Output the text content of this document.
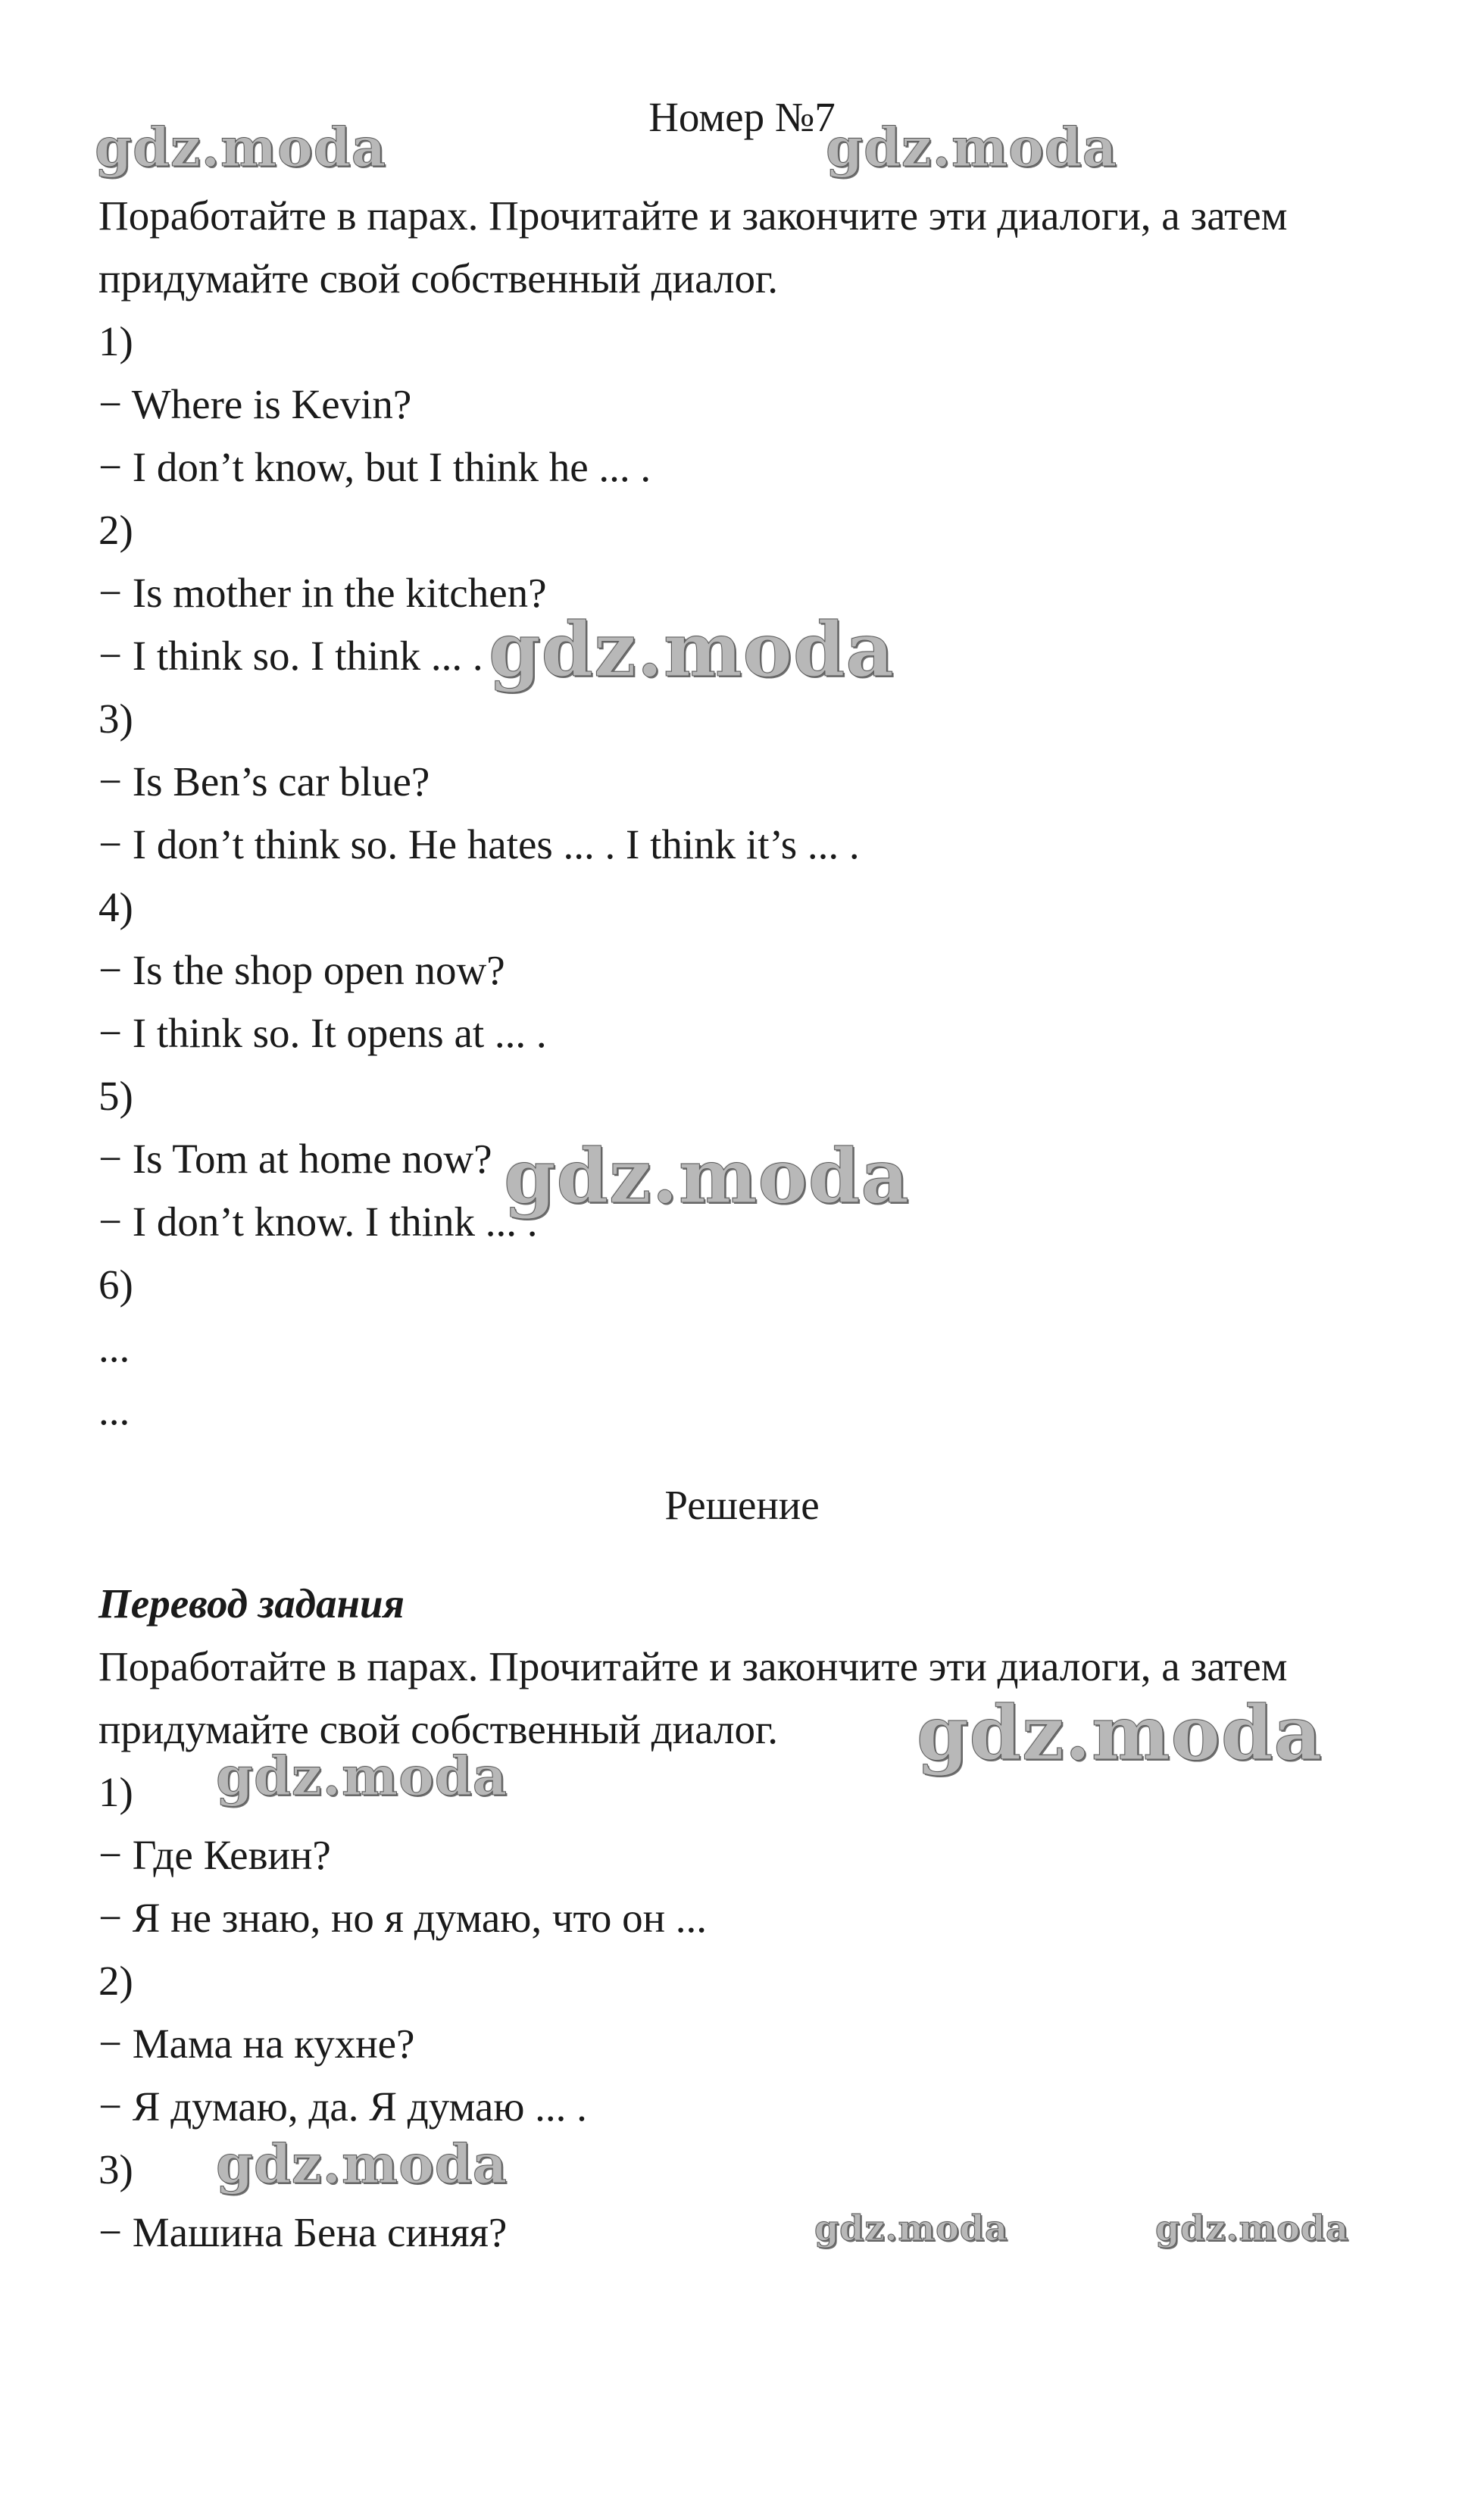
Номер №7
Поработайте в парах. Прочитайте и закончите эти диалоги, а затем
придумайте свой собственный диалог.
1)
− Where is Kevin?
− I don’t know, but I think he ... .
2)
− Is mother in the kitchen?
− I think so. I think ... .
3)
− Is Ben’s car blue?
− I don’t think so. He hates ... . I think it’s ... .
4)
− Is the shop open now?
− I think so. It opens at ... .
5)
− Is Tom at home now?
− I don’t know. I think ... .
6)
...
...
Решение
Перевод задания
Поработайте в парах. Прочитайте и закончите эти диалоги, а затем
придумайте свой собственный диалог.
1)
− Где Кевин?
− Я не знаю, но я думаю, что он ...
2)
− Мама на кухне?
− Я думаю, да. Я думаю ... .
3)
− Машина Бена синяя?
gdz.moda	gdz.moda
gdz.moda
gdz.moda
gdz.moda
gdz.moda
gdz.moda
gdz.moda	gdz.moda
